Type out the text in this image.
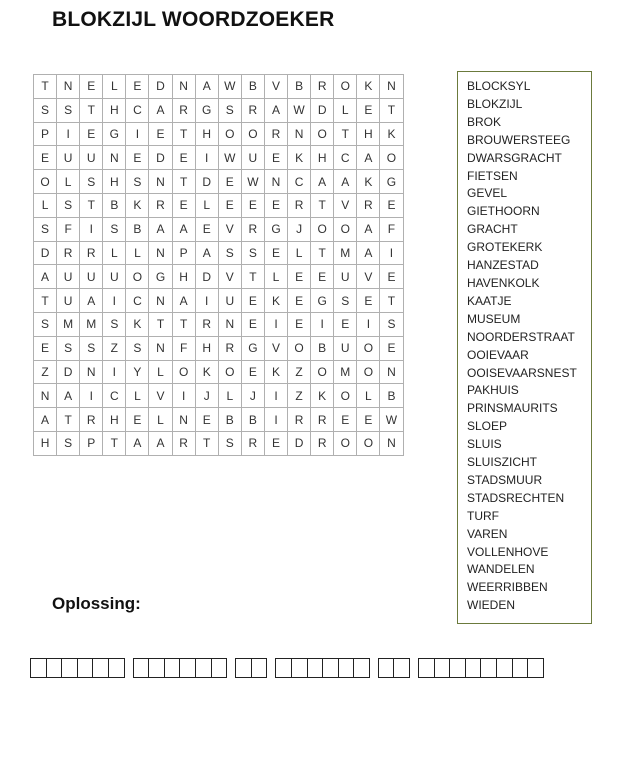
BLOKZIJL WOORDZOEKER
T	N	E	L	E	D	N	A	W	B	V	B	R	O	K	N
S	S	T	H	C	A	R	G	S	R	A	W	D	L	E	T
P	I	E	G	I	E	T	H	O	O	R	N	O	T	H	K
E	U	U	N	E	D	E	I	W	U	E	K	H	C	A	O
O	L	S	H	S	N	T	D	E	W	N	C	A	A	K	G
L	S	T	B	K	R	E	L	E	E	E	R	T	V	R	E
S	F	I	S	B	A	A	E	V	R	G	J	O	O	A	F
D	R	R	L	L	N	P	A	S	S	E	L	T	M	A	I
A	U	U	U	O	G	H	D	V	T	L	E	E	U	V	E
T	U	A	I	C	N	A	I	U	E	K	E	G	S	E	T
S	M	M	S	K	T	T	R	N	E	I	E	I	E	I	S
E	S	S	Z	S	N	F	H	R	G	V	O	B	U	O	E
Z	D	N	I	Y	L	O	K	O	E	K	Z	O	M	O	N
N	A	I	C	L	V	I	J	L	J	I	Z	K	O	L	B
A	T	R	H	E	L	N	E	B	B	I	R	R	E	E	W
H	S	P	T	A	A	R	T	S	R	E	D	R	O	O	N
BLOCKSYL
BLOKZIJL
BROK
BROUWERSTEEG
DWARSGRACHT
FIETSEN
GEVEL
GIETHOORN
GRACHT
GROTEKERK
HANZESTAD
HAVENKOLK
KAATJE
MUSEUM
NOORDERSTRAAT
OOIEVAAR
OOISEVAARSNEST
PAKHUIS
PRINSMAURITS
SLOEP
SLUIS
SLUISZICHT
STADSMUUR
STADSRECHTEN
TURF
VAREN
VOLLENHOVE
WANDELEN
WEERRIBBEN
WIEDEN
Oplossing:
